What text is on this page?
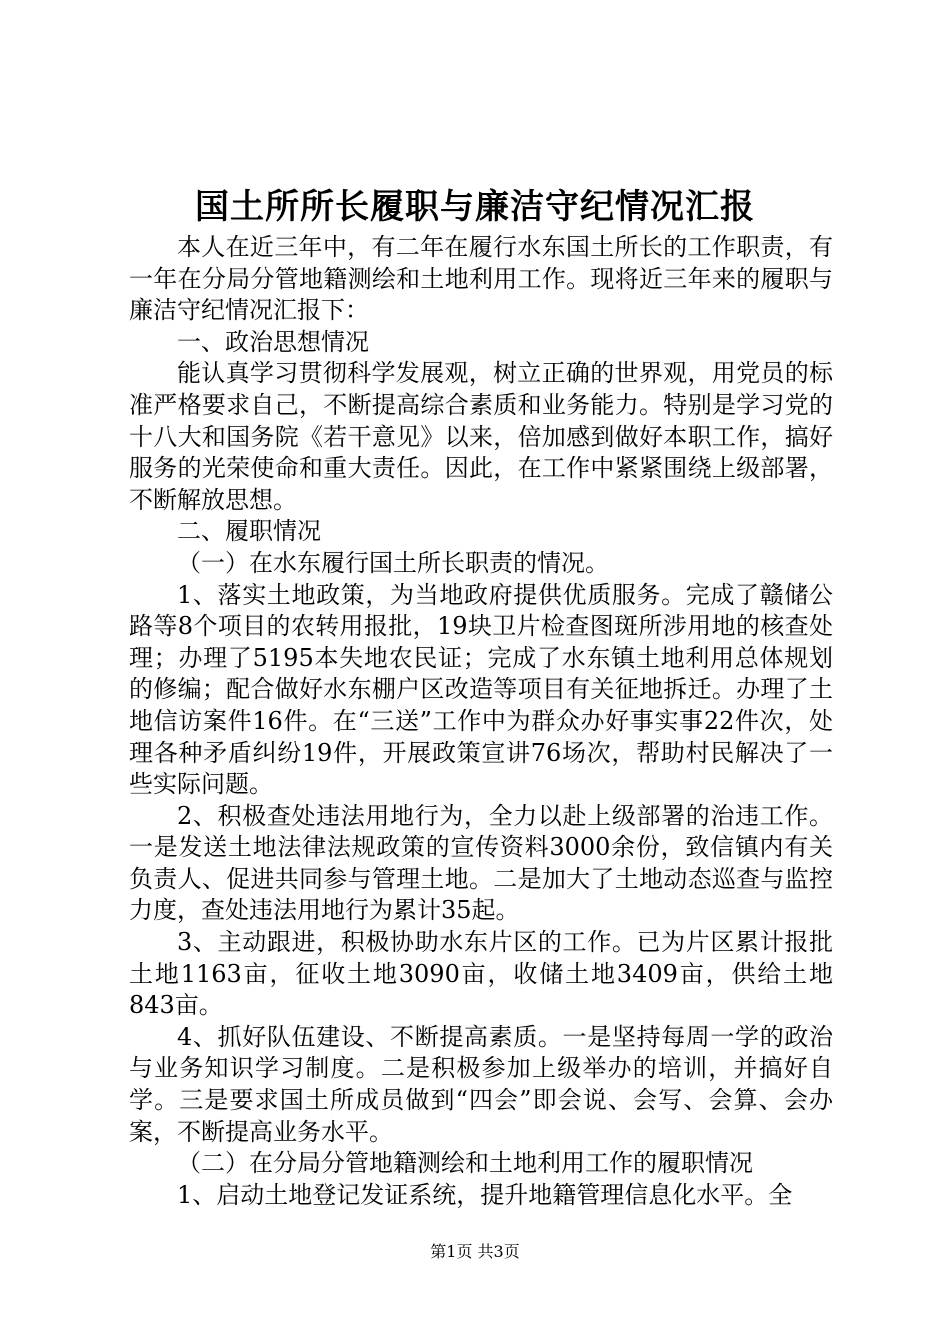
国土所所长履职与廉洁守纪情况汇报

本人在近三年中，有二年在履行水东国土所长的工作职责，有一年在分局分管地籍测绘和土地利用工作。现将近三年来的履职与廉洁守纪情况汇报下：

一、政治思想情况

能认真学习贯彻科学发展观，树立正确的世界观，用党员的标准严格要求自己，不断提高综合素质和业务能力。特别是学习党的十八大和国务院《若干意见》以来，倍加感到做好本职工作，搞好服务的光荣使命和重大责任。因此，在工作中紧紧围绕上级部署，不断解放思想。

二、履职情况

（一）在水东履行国土所长职责的情况。

1、落实土地政策，为当地政府提供优质服务。完成了赣储公路等8个项目的农转用报批，19块卫片检查图斑所涉用地的核查处理；办理了5195本失地农民证；完成了水东镇土地利用总体规划的修编；配合做好水东棚户区改造等项目有关征地拆迁。办理了土地信访案件16件。在“三送”工作中为群众办好事实事22件次，处理各种矛盾纠纷19件，开展政策宣讲76场次，帮助村民解决了一些实际问题。

2、积极查处违法用地行为，全力以赴上级部署的治违工作。一是发送土地法律法规政策的宣传资料3000余份，致信镇内有关负责人、促进共同参与管理土地。二是加大了土地动态巡查与监控力度，查处违法用地行为累计35起。

3、主动跟进，积极协助水东片区的工作。已为片区累计报批土地1163亩，征收土地3090亩，收储土地3409亩，供给土地843亩。

4、抓好队伍建设、不断提高素质。一是坚持每周一学的政治与业务知识学习制度。二是积极参加上级举办的培训，并搞好自学。三是要求国土所成员做到“四会”即会说、会写、会算、会办案，不断提高业务水平。

（二）在分局分管地籍测绘和土地利用工作的履职情况

1、启动土地登记发证系统，提升地籍管理信息化水平。全

第1页 共3页
